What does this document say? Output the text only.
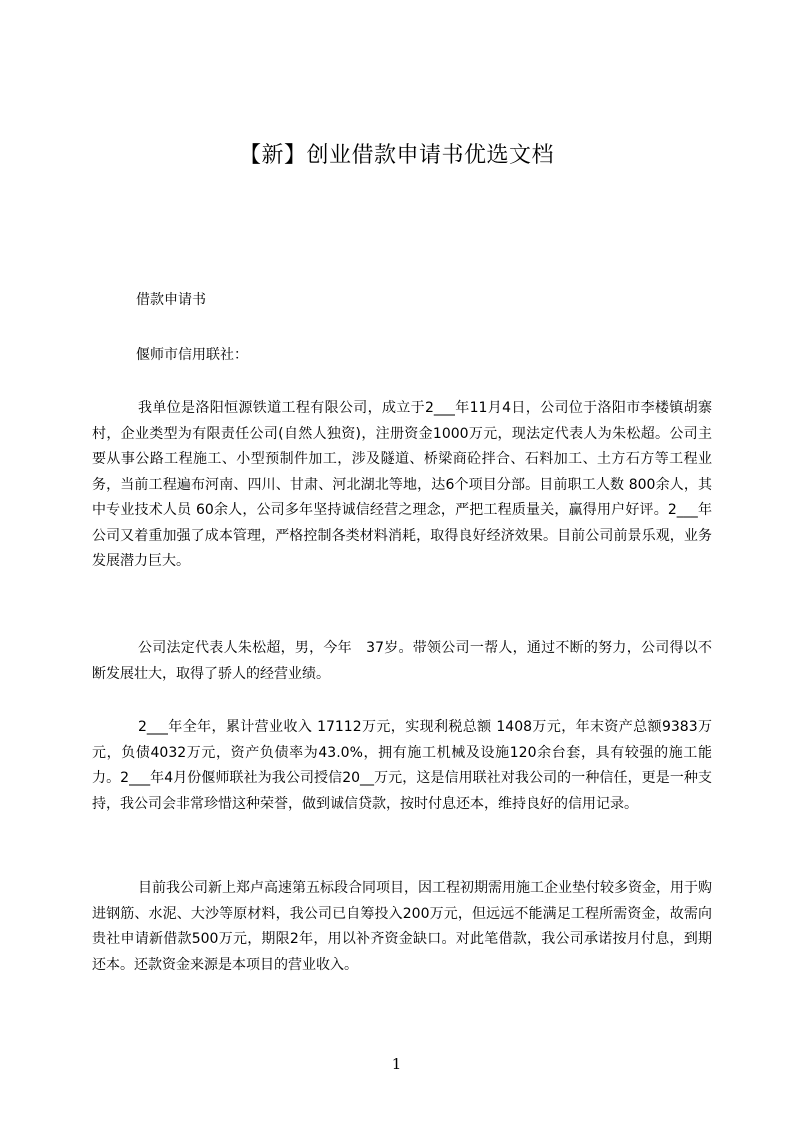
【新】创业借款申请书优选文档
借款申请书
偃师市信用联社：
我单位是洛阳恒源铁道工程有限公司，成立于2___年11月4日，公司位于洛阳市李楼镇胡寨村，企业类型为有限责任公司(自然人独资)，注册资金1000万元，现法定代表人为朱松超。公司主要从事公路工程施工、小型预制件加工，涉及隧道、桥梁商砼拌合、石料加工、土方石方等工程业务，当前工程遍布河南、四川、甘肃、河北湖北等地，达6个项目分部。目前职工人数 800余人，其中专业技术人员 60余人，公司多年坚持诚信经营之理念，严把工程质量关，赢得用户好评。2___年公司又着重加强了成本管理，严格控制各类材料消耗，取得良好经济效果。目前公司前景乐观，业务发展潜力巨大。
公司法定代表人朱松超，男，今年　37岁。带领公司一帮人，通过不断的努力，公司得以不断发展壮大，取得了骄人的经营业绩。
2___年全年，累计营业收入 17112万元，实现利税总额 1408万元，年末资产总额9383万元，负债4032万元，资产负债率为43.0%，拥有施工机械及设施120余台套，具有较强的施工能力。2___年4月份偃师联社为我公司授信20__万元，这是信用联社对我公司的一种信任，更是一种支持，我公司会非常珍惜这种荣誉，做到诚信贷款，按时付息还本，维持良好的信用记录。
目前我公司新上郑卢高速第五标段合同项目，因工程初期需用施工企业垫付较多资金，用于购进钢筋、水泥、大沙等原材料，我公司已自筹投入200万元，但远远不能满足工程所需资金，故需向贵社申请新借款500万元，期限2年，用以补齐资金缺口。对此笔借款，我公司承诺按月付息，到期还本。还款资金来源是本项目的营业收入。
1
